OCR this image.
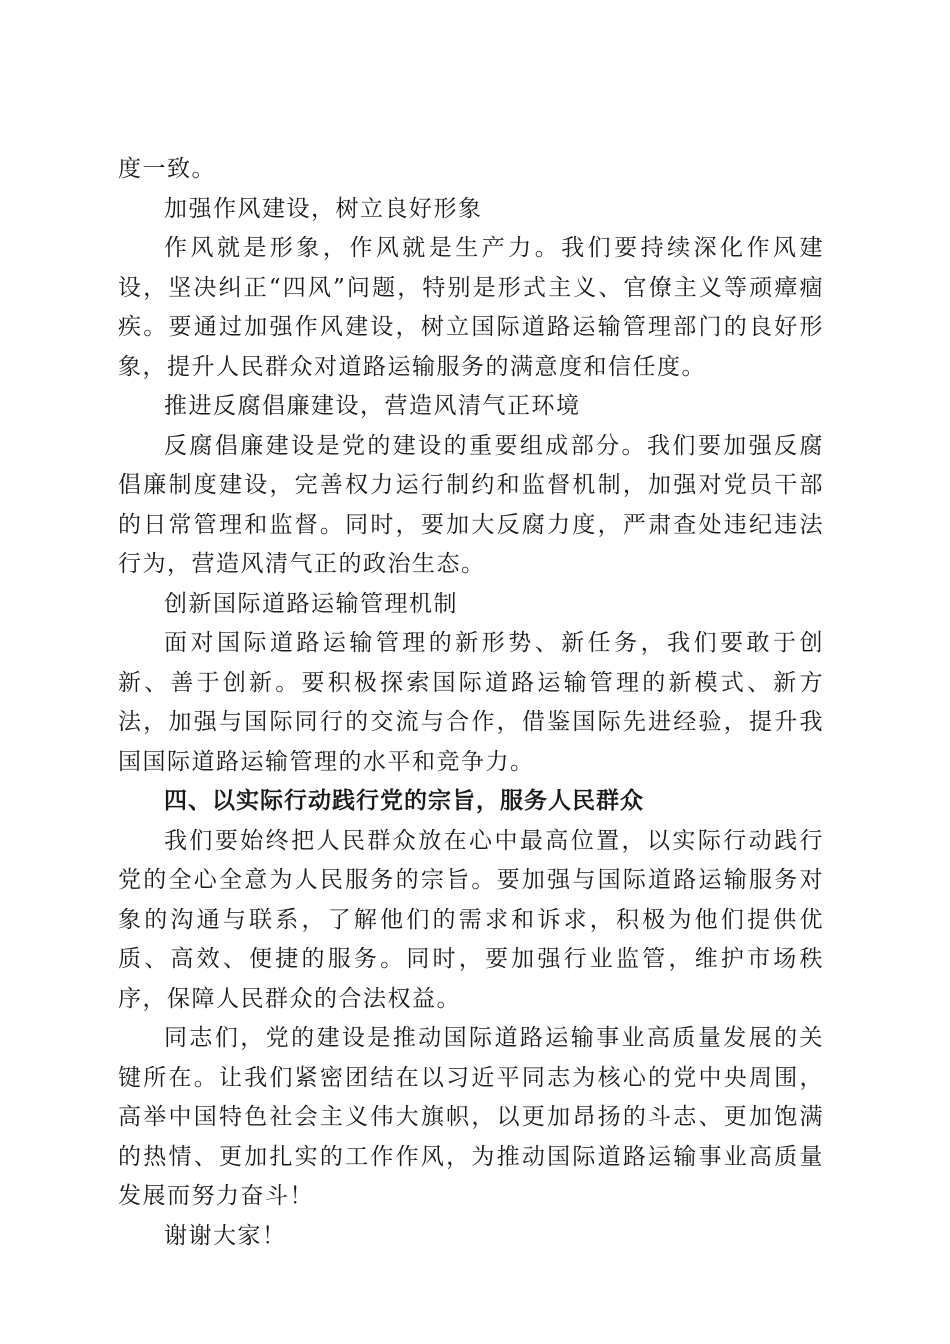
度一致。

加强作风建设，树立良好形象

作风就是形象，作风就是生产力。我们要持续深化作风建设，坚决纠正“四风”问题，特别是形式主义、官僚主义等顽瘴痼疾。要通过加强作风建设，树立国际道路运输管理部门的良好形象，提升人民群众对道路运输服务的满意度和信任度。

推进反腐倡廉建设，营造风清气正环境

反腐倡廉建设是党的建设的重要组成部分。我们要加强反腐倡廉制度建设，完善权力运行制约和监督机制，加强对党员干部的日常管理和监督。同时，要加大反腐力度，严肃查处违纪违法行为，营造风清气正的政治生态。

创新国际道路运输管理机制

面对国际道路运输管理的新形势、新任务，我们要敢于创新、善于创新。要积极探索国际道路运输管理的新模式、新方法，加强与国际同行的交流与合作，借鉴国际先进经验，提升我国国际道路运输管理的水平和竞争力。

四、以实际行动践行党的宗旨，服务人民群众

我们要始终把人民群众放在心中最高位置，以实际行动践行党的全心全意为人民服务的宗旨。要加强与国际道路运输服务对象的沟通与联系，了解他们的需求和诉求，积极为他们提供优质、高效、便捷的服务。同时，要加强行业监管，维护市场秩序，保障人民群众的合法权益。

同志们，党的建设是推动国际道路运输事业高质量发展的关键所在。让我们紧密团结在以习近平同志为核心的党中央周围，高举中国特色社会主义伟大旗帜，以更加昂扬的斗志、更加饱满的热情、更加扎实的工作作风，为推动国际道路运输事业高质量发展而努力奋斗！

谢谢大家！
